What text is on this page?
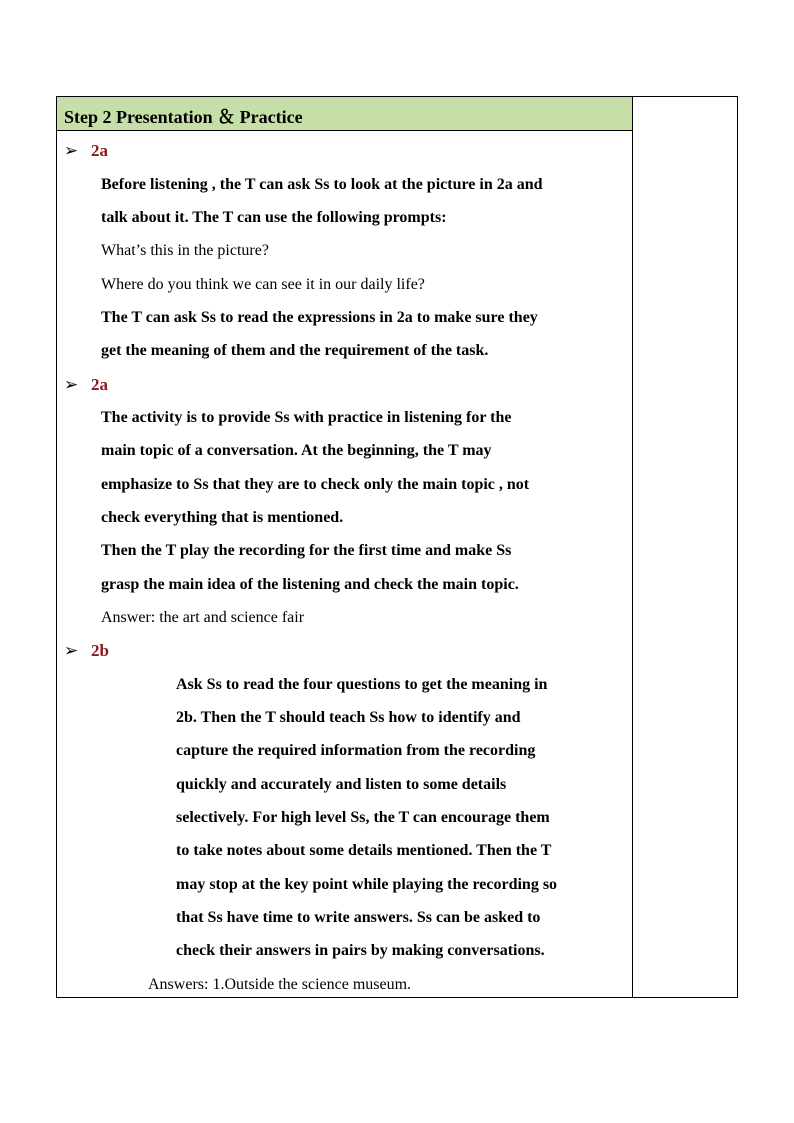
Step 2 Presentation ＆ Practice
➢ 2a
Before listening , the T can ask Ss to look at the picture in 2a and
talk about it. The T can use the following prompts:
What’s this in the picture?
Where do you think we can see it in our daily life?
The T can ask Ss to read the expressions in 2a to make sure they
get the meaning of them and the requirement of the task.
➢ 2a
The activity is to provide Ss with practice in listening for the
main topic of a conversation. At the beginning, the T may
emphasize to Ss that they are to check only the main topic , not
check everything that is mentioned.
Then the T play the recording for the first time and make Ss
grasp the main idea of the listening and check the main topic.
Answer: the art and science fair
➢ 2b
Ask Ss to read the four questions to get the meaning in
2b. Then the T should teach Ss how to identify and
capture the required information from the recording
quickly and accurately and listen to some details
selectively. For high level Ss, the T can encourage them
to take notes about some details mentioned. Then the T
may stop at the key point while playing the recording so
that Ss have time to write answers. Ss can be asked to
check their answers in pairs by making conversations.
Answers: 1.Outside the science museum.
